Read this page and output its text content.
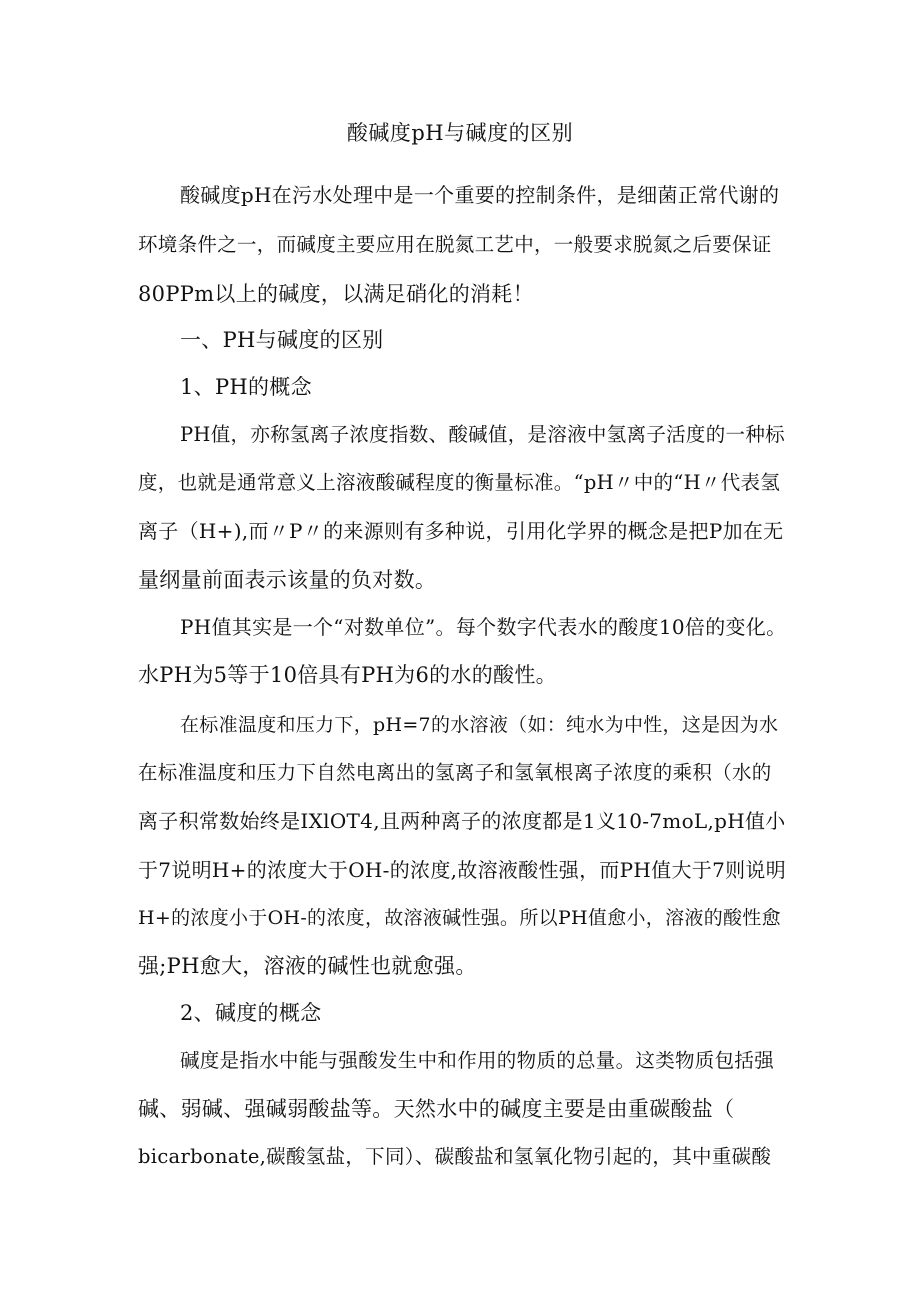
酸碱度pH与碱度的区别
酸碱度pH在污水处理中是一个重要的控制条件，是细菌正常代谢的
环境条件之一，而碱度主要应用在脱氮工艺中，一般要求脱氮之后要保证
80PPm以上的碱度，以满足硝化的消耗！
一、PH与碱度的区别
1、PH的概念
PH值，亦称氢离子浓度指数、酸碱值，是溶液中氢离子活度的一种标
度，也就是通常意义上溶液酸碱程度的衡量标准。“pH〃中的“H〃代表氢
离子（H+),而〃P〃的来源则有多种说，引用化学界的概念是把P加在无
量纲量前面表示该量的负对数。
PH值其实是一个“对数单位”。每个数字代表水的酸度10倍的变化。
水PH为5等于10倍具有PH为6的水的酸性。
在标准温度和压力下，pH=7的水溶液（如：纯水为中性，这是因为水
在标准温度和压力下自然电离出的氢离子和氢氧根离子浓度的乘积（水的
离子积常数始终是IXlOT4,且两种离子的浓度都是1义10-7moL,pH值小
于7说明H+的浓度大于OH-的浓度,故溶液酸性强，而PH值大于7则说明
H+的浓度小于OH-的浓度，故溶液碱性强。所以PH值愈小，溶液的酸性愈
强;PH愈大，溶液的碱性也就愈强。
2、碱度的概念
碱度是指水中能与强酸发生中和作用的物质的总量。这类物质包括强
碱、弱碱、强碱弱酸盐等。天然水中的碱度主要是由重碳酸盐（
bicarbonate,碳酸氢盐，下同）、碳酸盐和氢氧化物引起的，其中重碳酸
